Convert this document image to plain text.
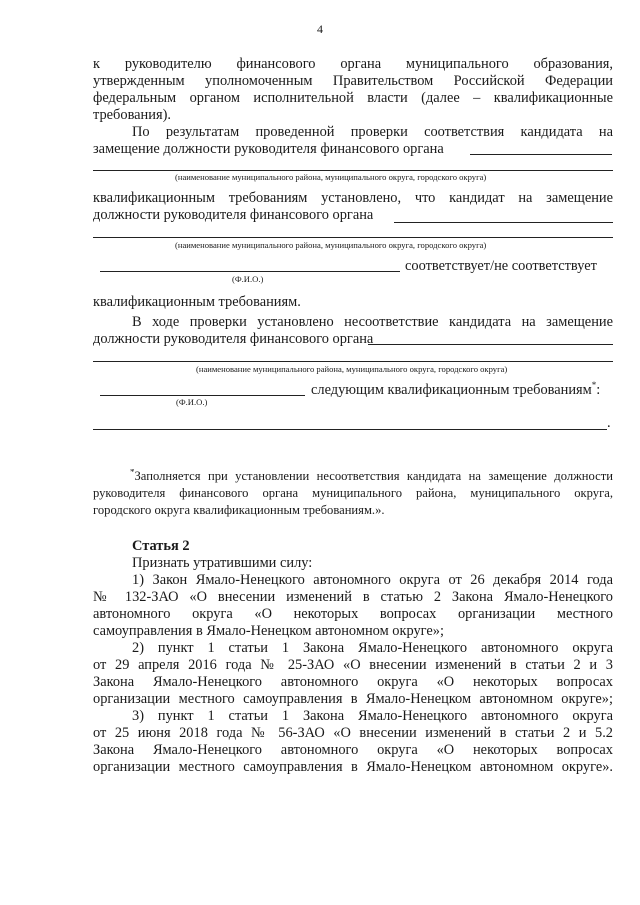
4
к руководителю финансового органа муниципального образования,
утвержденным уполномоченным Правительством Российской Федерации
федеральным органом исполнительной власти (далее – квалификационные
требования).
По результатам проведенной проверки соответствия кандидата на
замещение должности руководителя финансового органа
(наименование муниципального района, муниципального округа, городского округа)
квалификационным требованиям установлено, что кандидат на замещение
должности руководителя финансового органа
(наименование муниципального района, муниципального округа, городского округа)
соответствует/не соответствует
(Ф.И.О.)
квалификационным требованиям.
В ходе проверки установлено несоответствие кандидата на замещение
должности руководителя финансового органа
(наименование муниципального района, муниципального округа, городского округа)
следующим квалификационным требованиям*:
(Ф.И.О.)
.
*Заполняется при установлении несоответствия кандидата на замещение должности
руководителя финансового органа муниципального района, муниципального округа,
городского округа квалификационным требованиям.».
Статья 2
Признать утратившими силу:
1) Закон Ямало-Ненецкого автономного округа от 26 декабря 2014 года
№ 132-ЗАО «О внесении изменений в статью 2 Закона Ямало-Ненецкого
автономного округа «О некоторых вопросах организации местного
самоуправления в Ямало-Ненецком автономном округе»;
2) пункт 1 статьи 1 Закона Ямало-Ненецкого автономного округа
от 29 апреля 2016 года № 25-ЗАО «О внесении изменений в статьи 2 и 3
Закона Ямало-Ненецкого автономного округа «О некоторых вопросах
организации местного самоуправления в Ямало-Ненецком автономном округе»;
3) пункт 1 статьи 1 Закона Ямало-Ненецкого автономного округа
от 25 июня 2018 года № 56-ЗАО «О внесении изменений в статьи 2 и 5.2
Закона Ямало-Ненецкого автономного округа «О некоторых вопросах
организации местного самоуправления в Ямало-Ненецком автономном округе».
